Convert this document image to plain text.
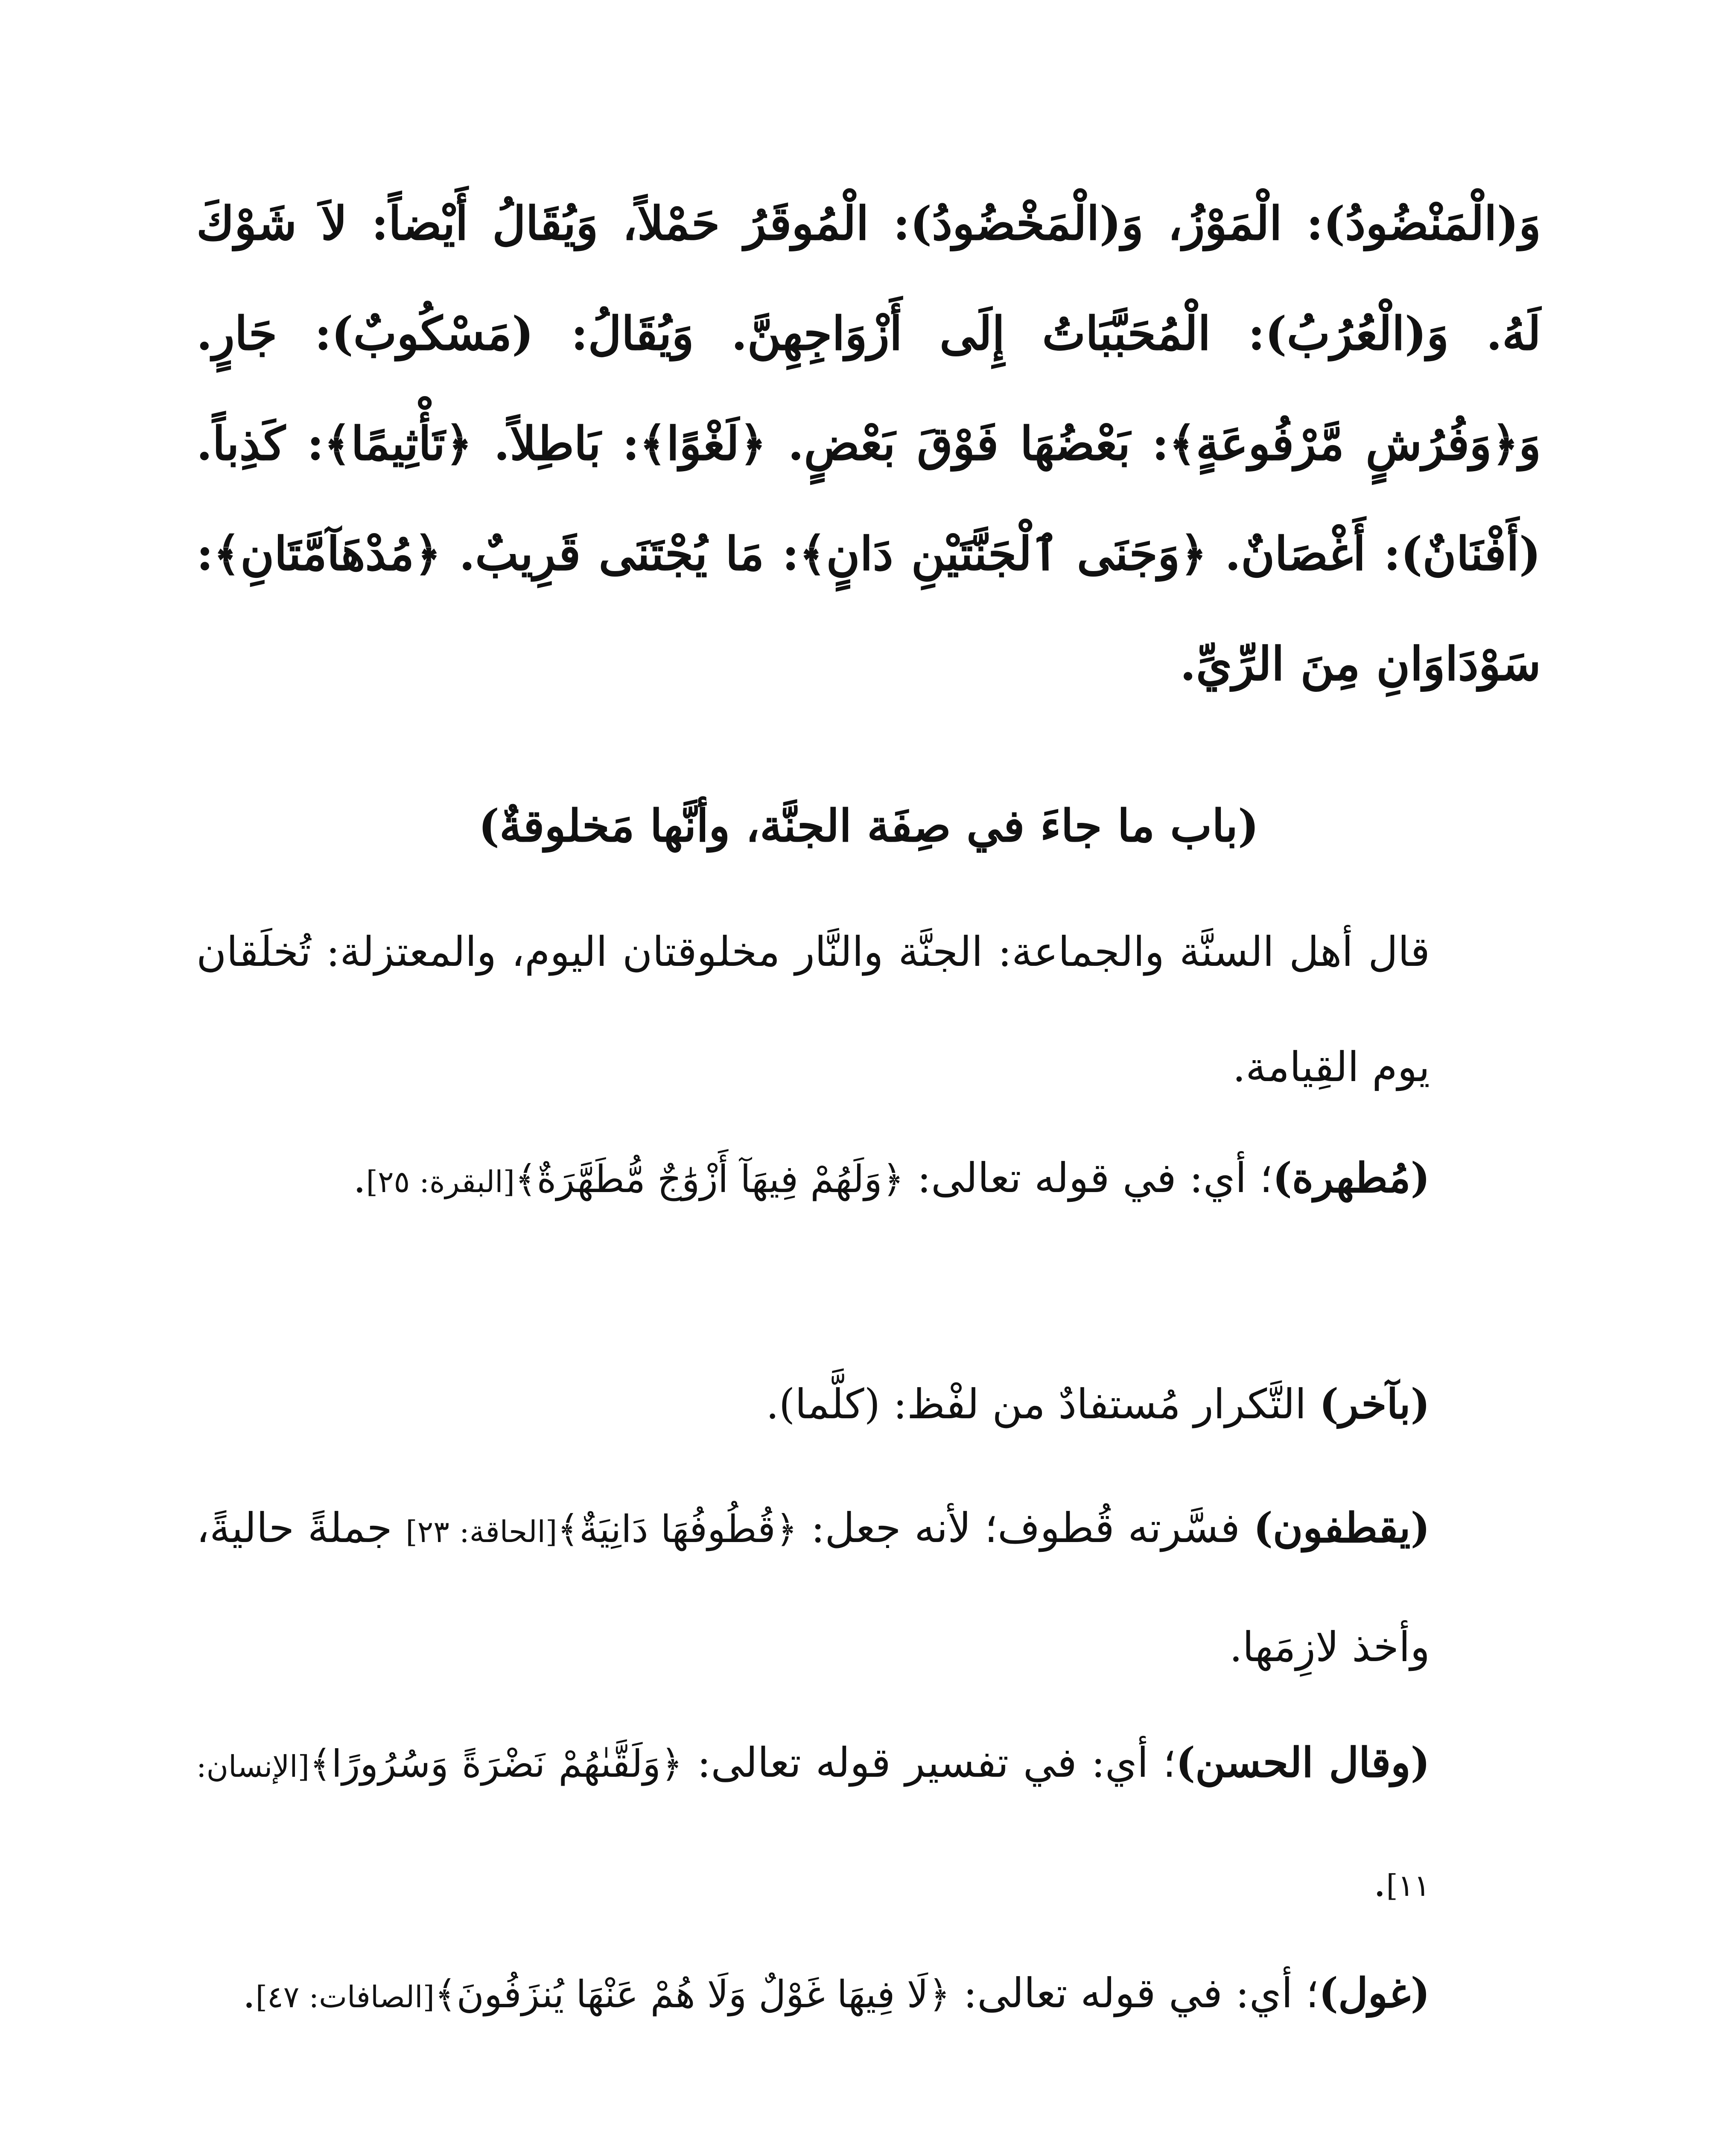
وَ(الْمَنْضُودُ): الْمَوْزُ، وَ(الْمَخْضُودُ): الْمُوقَرُ حَمْلاً، وَيُقَالُ أَيْضاً: لاَ شَوْكَ لَهُ. وَ(الْعُرُبُ): الْمُحَبَّبَاتُ إِلَى أَزْوَاجِهِنَّ. وَيُقَالُ: (مَسْكُوبٌ): جَارٍ. وَ﴿وَفُرُشٍ مَّرْفُوعَةٍ﴾: بَعْضُهَا فَوْقَ بَعْضٍ. ﴿لَغْوًا﴾: بَاطِلاً. ﴿تَأْثِيمًا﴾: كَذِباً. (أَفْنَانٌ): أَغْصَانٌ. ﴿وَجَنَى ٱلْجَنَّتَيْنِ دَانٍ﴾: مَا يُجْتَنَى قَرِيبٌ. ﴿مُدْهَآمَّتَانِ﴾: سَوْدَاوَانِ مِنَ الرِّيِّ.
(باب ما جاءَ في صِفَة الجنَّة، وأنَّها مَخلوقةٌ)
قال أهل السنَّة والجماعة: الجنَّة والنَّار مخلوقتان اليوم، والمعتزلة: تُخلَقان يوم القِيامة.
(مُطهرة)؛ أي: في قوله تعالى: ﴿وَلَهُمْ فِيهَآ أَزْوَٰجٌ مُّطَهَّرَةٌ﴾[البقرة: ٢٥].
(بآخر) التَّكرار مُستفادٌ من لفْظ: (كلَّما).
(يقطفون) فسَّرته قُطوف؛ لأنه جعل: ﴿قُطُوفُهَا دَانِيَةٌ﴾[الحاقة: ٢٣] جملةً حاليةً، وأخذ لازِمَها.
(وقال الحسن)؛ أي: في تفسير قوله تعالى: ﴿وَلَقَّىٰهُمْ نَضْرَةً وَسُرُورًا﴾[الإنسان: ١١].
(غول)؛ أي: في قوله تعالى: ﴿لَا فِيهَا غَوْلٌ وَلَا هُمْ عَنْهَا يُنزَفُونَ﴾[الصافات: ٤٧].
